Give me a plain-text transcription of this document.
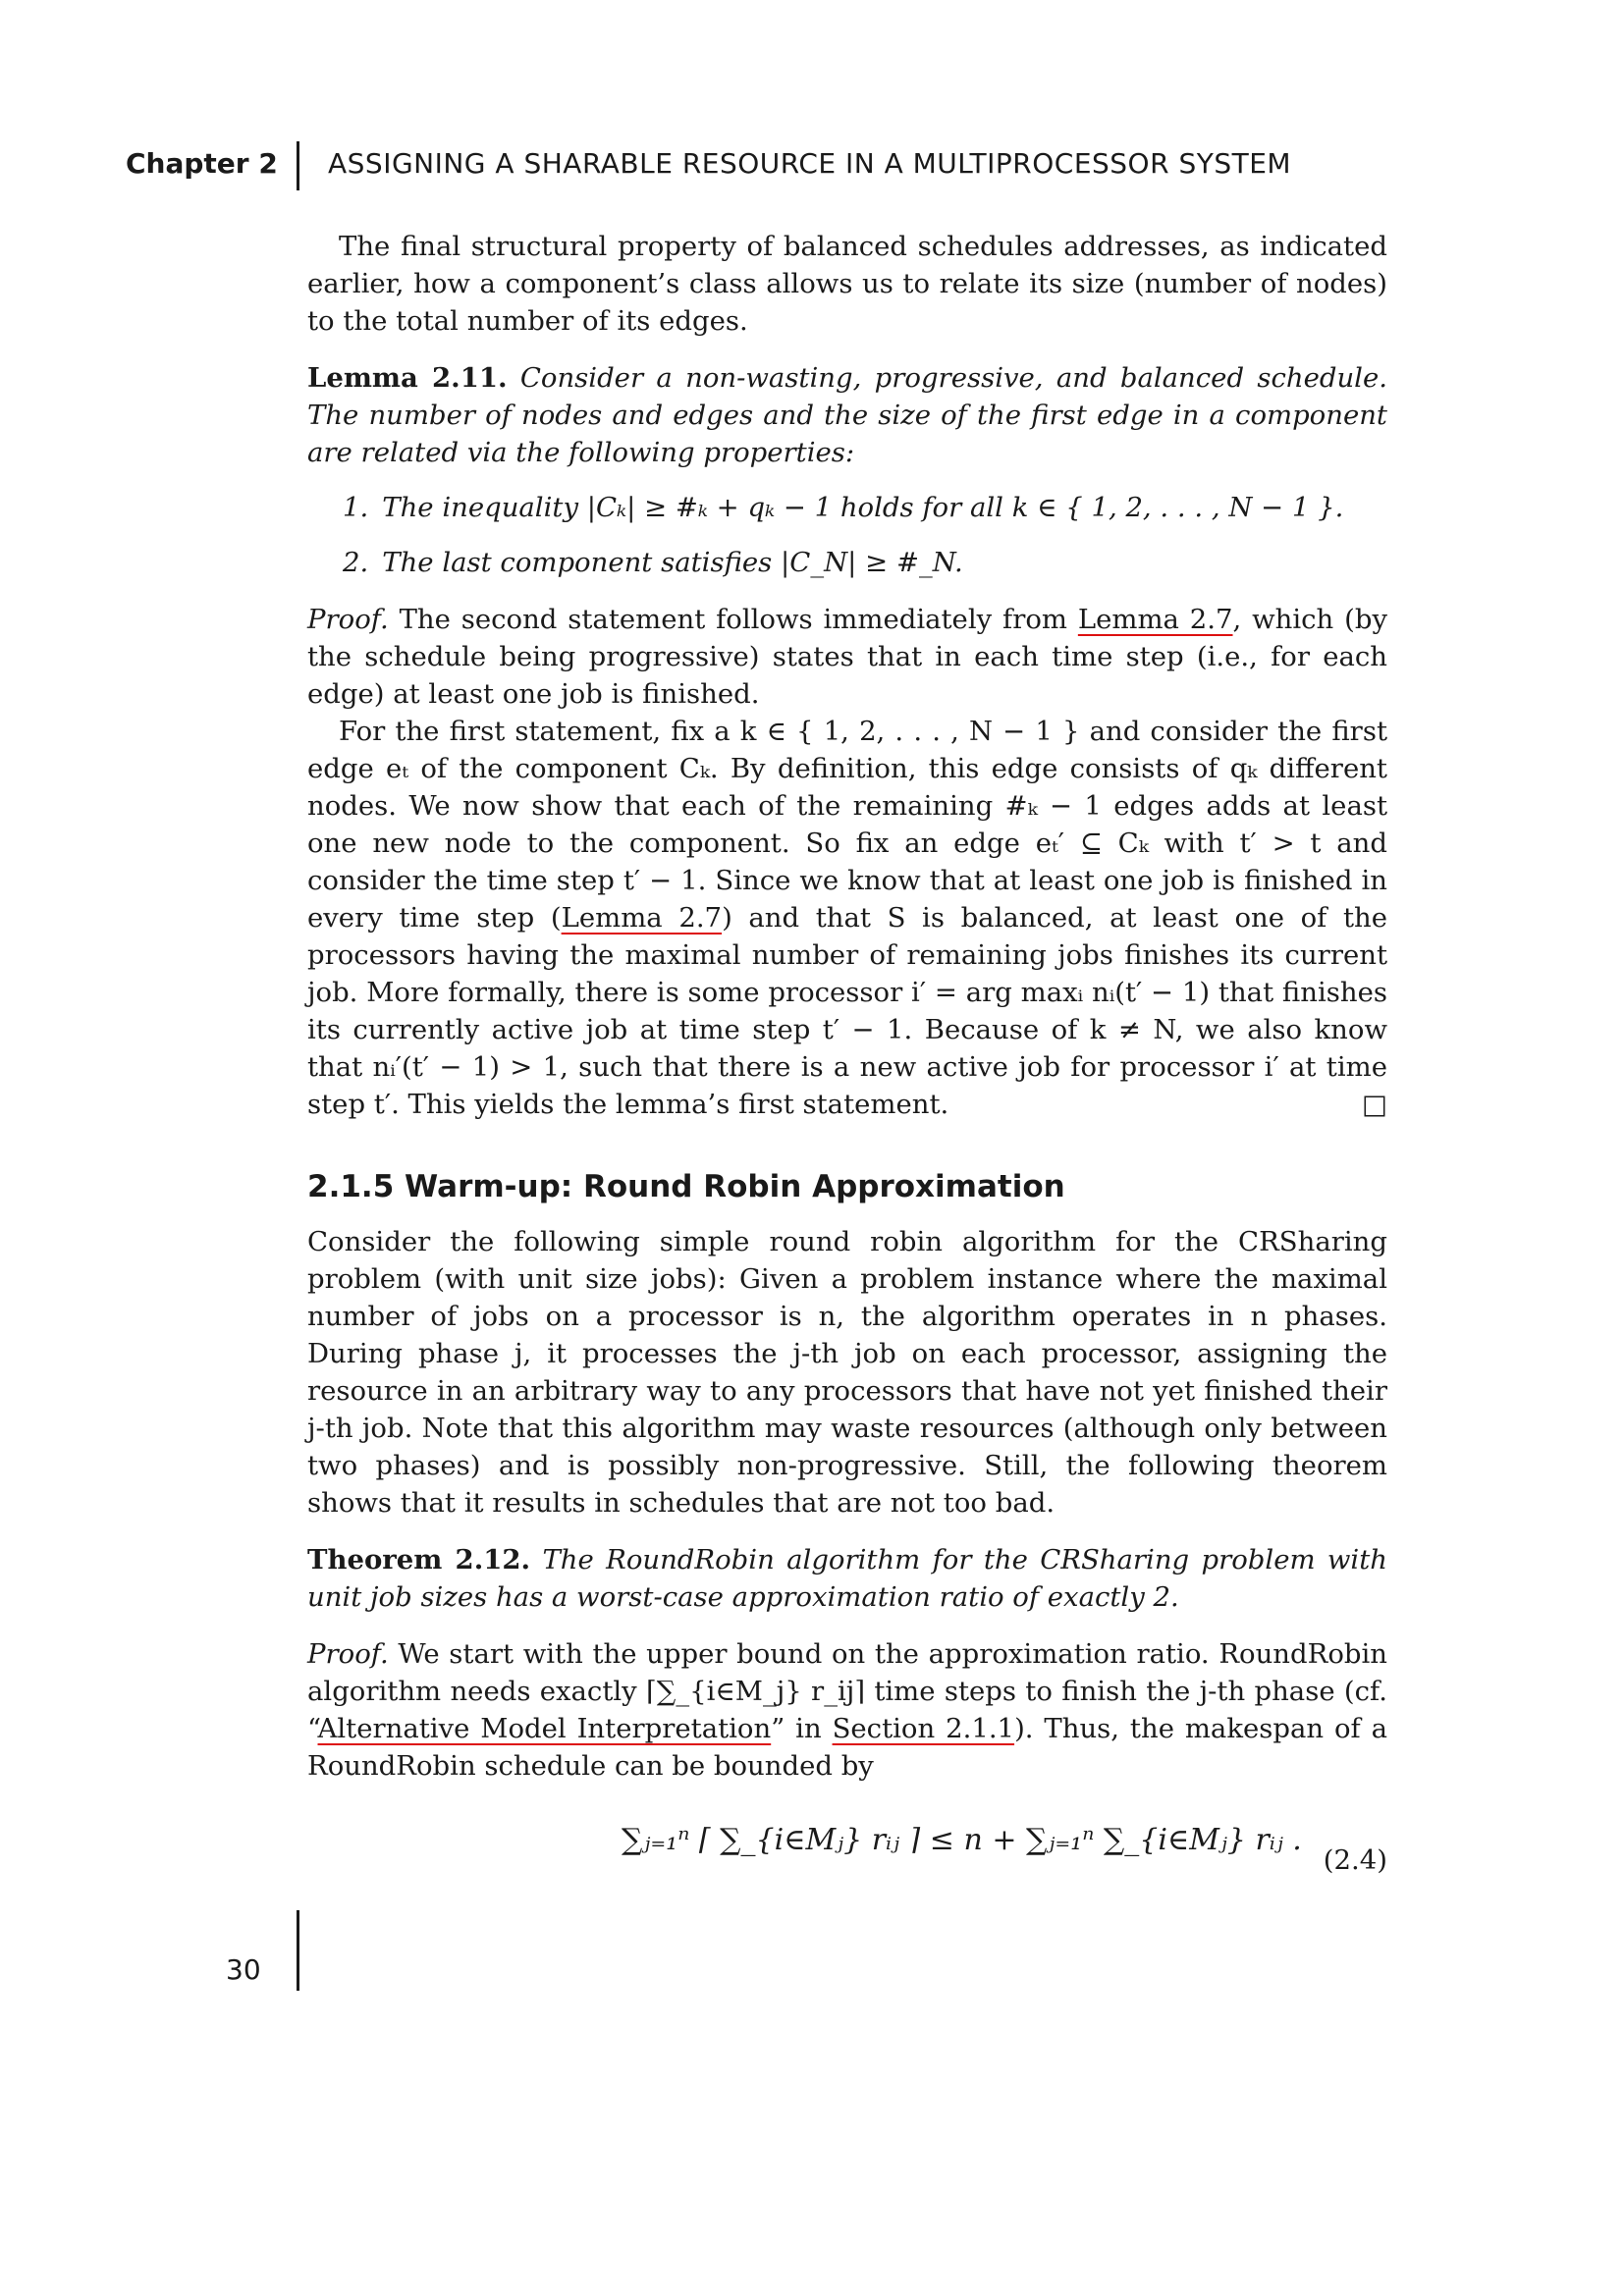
Chapter 2 ASSIGNING A SHARABLE RESOURCE IN A MULTIPROCESSOR SYSTEM

The final structural property of balanced schedules addresses, as indicated earlier, how a component’s class allows us to relate its size (number of nodes) to the total number of its edges.

Lemma 2.11. Consider a non-wasting, progressive, and balanced schedule. The number of nodes and edges and the size of the first edge in a component are related via the following properties:

1. The inequality |Cₖ| ≥ #ₖ + qₖ − 1 holds for all k ∈ { 1, 2, . . . , N − 1 }.
2. The last component satisfies |C_N| ≥ #_N.

Proof. The second statement follows immediately from Lemma 2.7, which (by the schedule being progressive) states that in each time step (i.e., for each edge) at least one job is finished.

For the first statement, fix a k ∈ { 1, 2, . . . , N − 1 } and consider the first edge eₜ of the component Cₖ. By definition, this edge consists of qₖ different nodes. We now show that each of the remaining #ₖ − 1 edges adds at least one new node to the component. So fix an edge eₜ′ ⊆ Cₖ with t′ > t and consider the time step t′ − 1. Since we know that at least one job is finished in every time step (Lemma 2.7) and that S is balanced, at least one of the processors having the maximal number of remaining jobs finishes its current job. More formally, there is some processor i′ = arg maxᵢ nᵢ(t′ − 1) that finishes its currently active job at time step t′ − 1. Because of k ≠ N, we also know that nᵢ′(t′ − 1) > 1, such that there is a new active job for processor i′ at time step t′. This yields the lemma’s first statement.	□

2.1.5 Warm-up: Round Robin Approximation

Consider the following simple round robin algorithm for the CRSharing problem (with unit size jobs): Given a problem instance where the maximal number of jobs on a processor is n, the algorithm operates in n phases. During phase j, it processes the j-th job on each processor, assigning the resource in an arbitrary way to any processors that have not yet finished their j-th job. Note that this algorithm may waste resources (although only between two phases) and is possibly non-progressive. Still, the following theorem shows that it results in schedules that are not too bad.

Theorem 2.12. The RoundRobin algorithm for the CRSharing problem with unit job sizes has a worst-case approximation ratio of exactly 2.

Proof. We start with the upper bound on the approximation ratio. RoundRobin algorithm needs exactly ⌈∑_{i∈M_j} r_ij⌉ time steps to finish the j-th phase (cf. “Alternative Model Interpretation” in Section 2.1.1). Thus, the makespan of a RoundRobin schedule can be bounded by

∑ⱼ₌₁ⁿ ⌈ ∑_{i∈Mⱼ} rᵢⱼ ⌉ ≤ n + ∑ⱼ₌₁ⁿ ∑_{i∈Mⱼ} rᵢⱼ .
(2.4)
30
